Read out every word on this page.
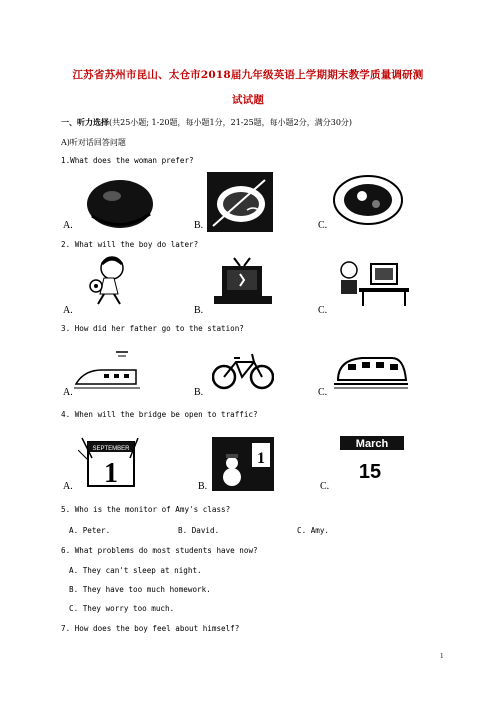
江苏省苏州市昆山、太仓市2018届九年级英语上学期期末教学质量调研测
试试题
一、听力选择(共25小题; 1-20题，每小题1分，21-25题，每小题2分，满分30分)
A)听对话回答问题
1.What does the woman prefer?
A.	B.	C.
2. What will the boy do later?
A.	B.	C.
3. How did her father go to the station?
A.	B.	C.
4. When will the bridge be open to traffic?
SEPTEMBER
1	1
March
15
A.	B.	C.
5. Who is the monitor of Amy's class?
A. Peter.	B. David.	C. Amy.
6. What problems do most students have now?
A. They can't sleep at night.
B. They have too much homework.
C. They worry too much.
7. How does the boy feel about himself?
1
